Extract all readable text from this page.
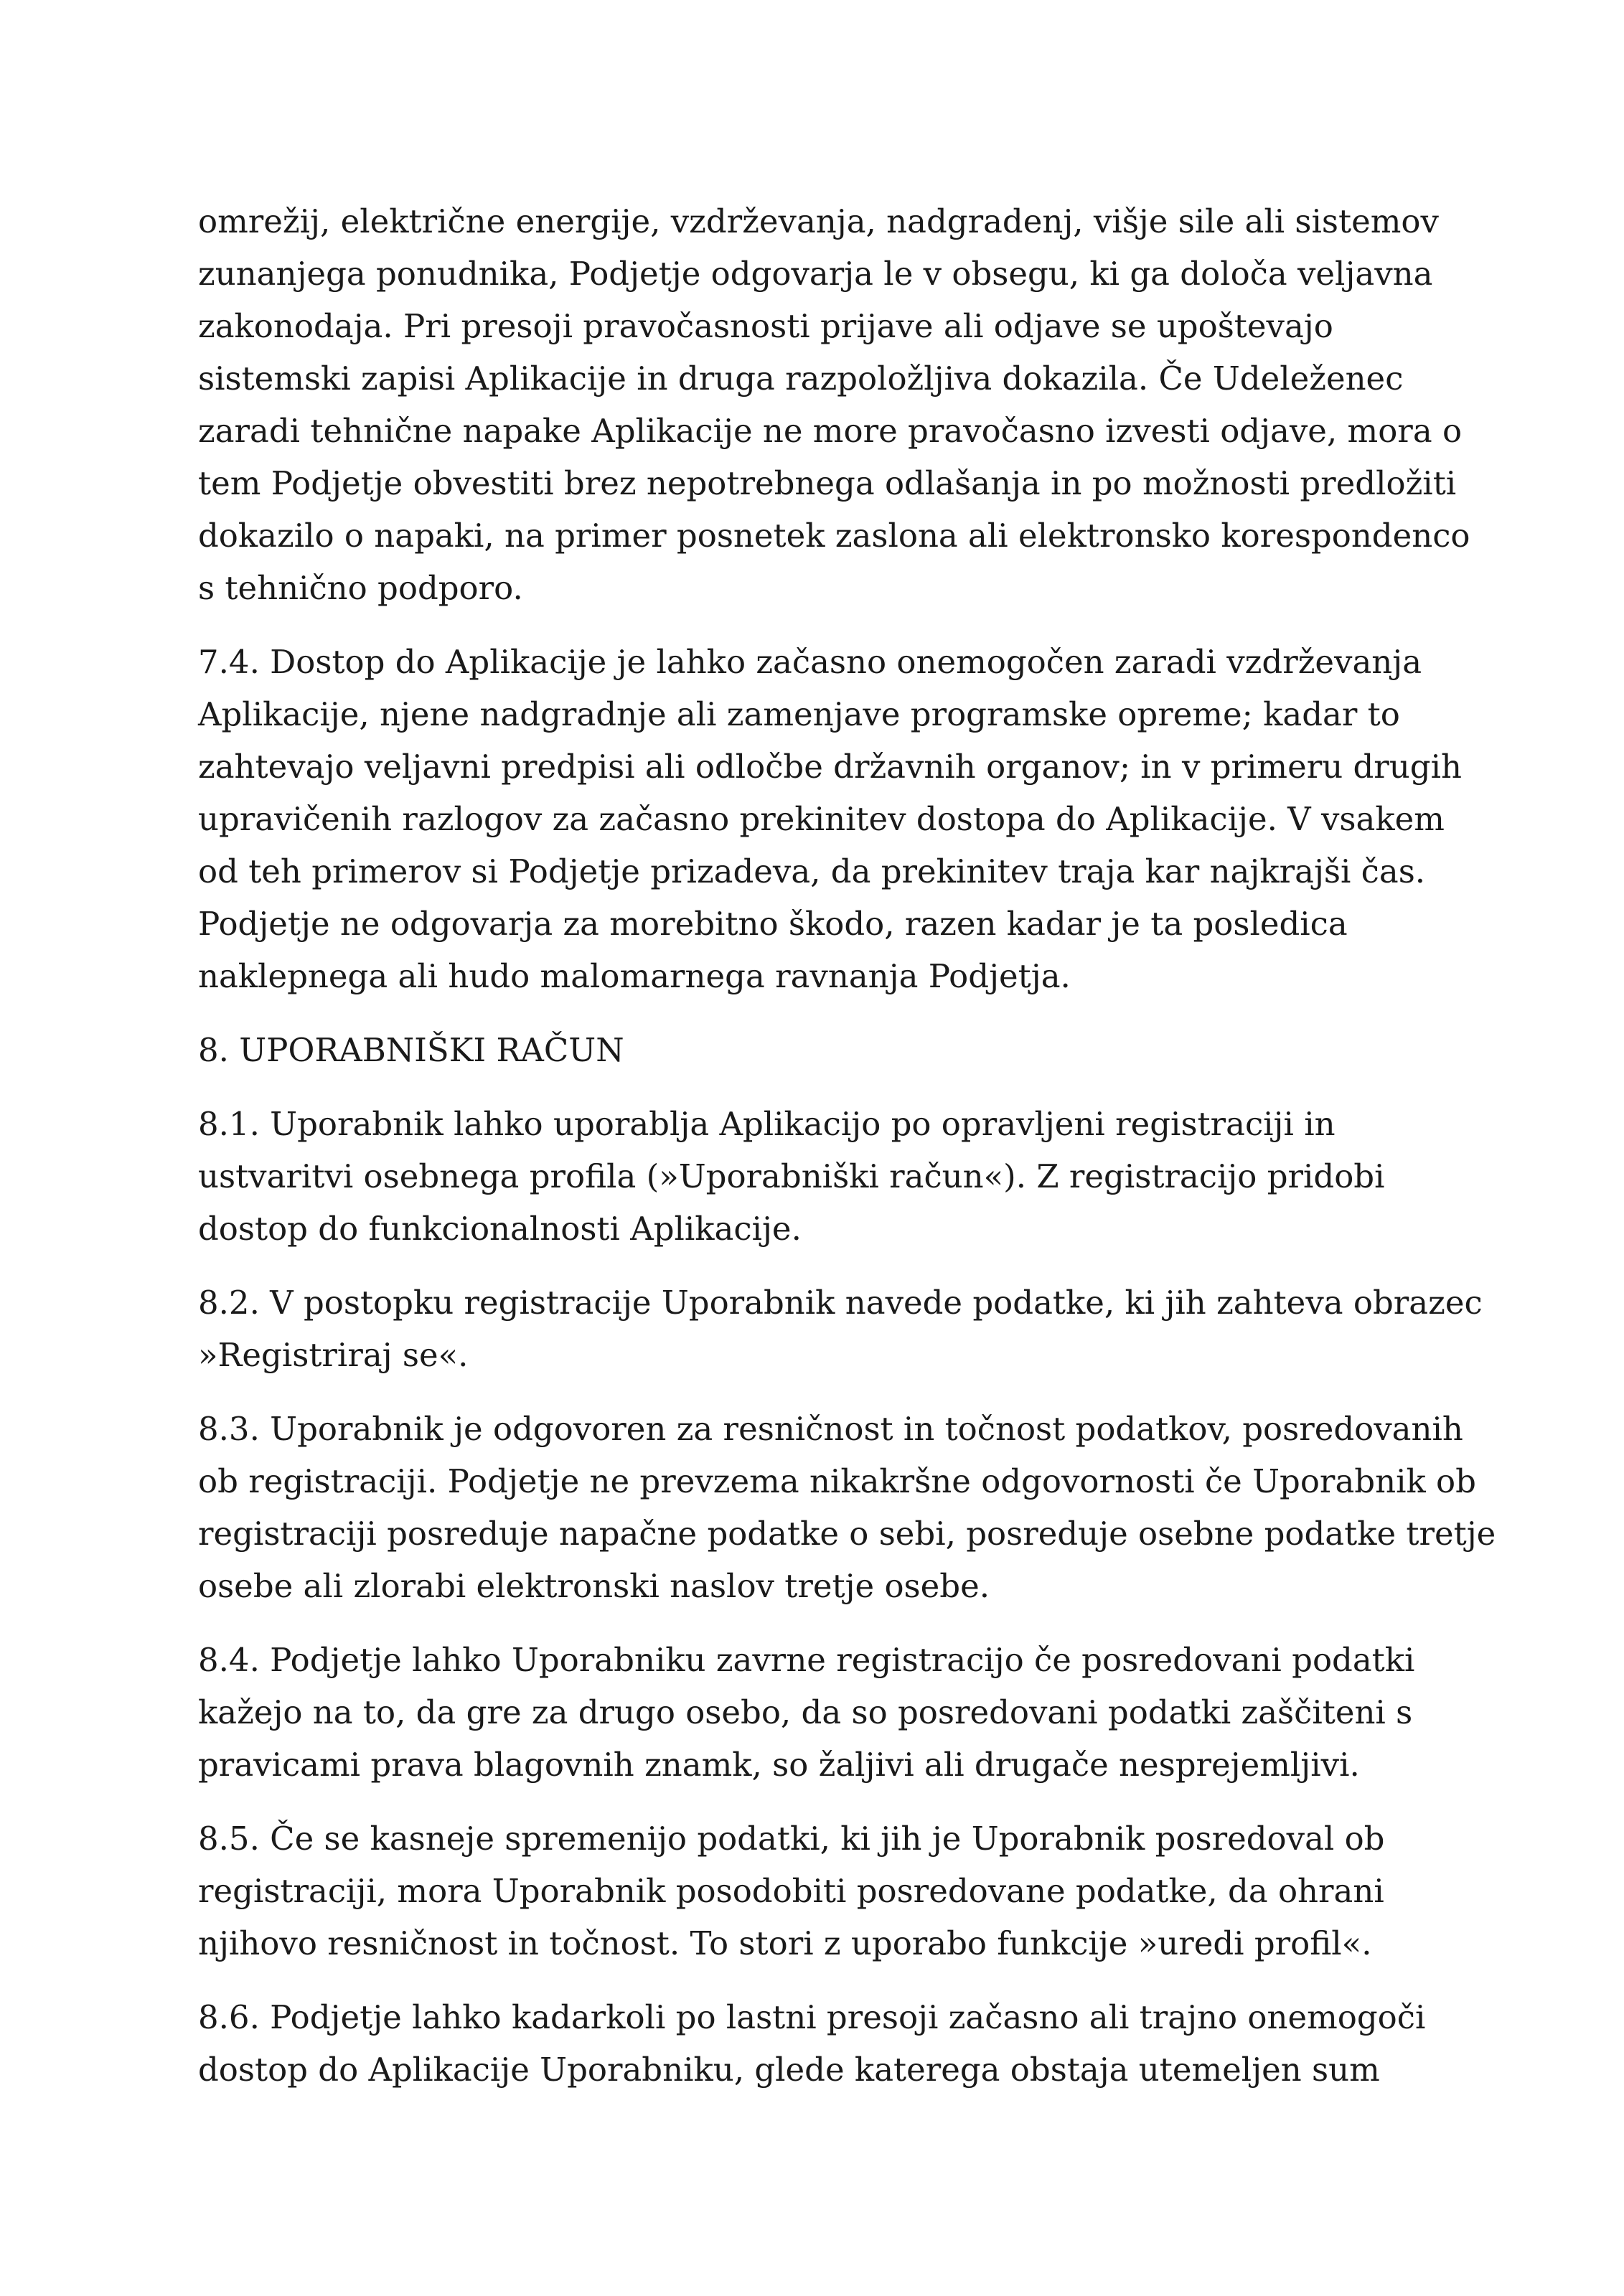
omrežij, električne energije, vzdrževanja, nadgradenj, višje sile ali sistemov
zunanjega ponudnika, Podjetje odgovarja le v obsegu, ki ga določa veljavna
zakonodaja. Pri presoji pravočasnosti prijave ali odjave se upoštevajo
sistemski zapisi Aplikacije in druga razpoložljiva dokazila. Če Udeleženec
zaradi tehnične napake Aplikacije ne more pravočasno izvesti odjave, mora o
tem Podjetje obvestiti brez nepotrebnega odlašanja in po možnosti predložiti
dokazilo o napaki, na primer posnetek zaslona ali elektronsko korespondenco
s tehnično podporo.

7.4. Dostop do Aplikacije je lahko začasno onemogočen zaradi vzdrževanja
Aplikacije, njene nadgradnje ali zamenjave programske opreme; kadar to
zahtevajo veljavni predpisi ali odločbe državnih organov; in v primeru drugih
upravičenih razlogov za začasno prekinitev dostopa do Aplikacije. V vsakem
od teh primerov si Podjetje prizadeva, da prekinitev traja kar najkrajši čas.
Podjetje ne odgovarja za morebitno škodo, razen kadar je ta posledica
naklepnega ali hudo malomarnega ravnanja Podjetja.

8. UPORABNIŠKI RAČUN

8.1. Uporabnik lahko uporablja Aplikacijo po opravljeni registraciji in
ustvaritvi osebnega profila (»Uporabniški račun«). Z registracijo pridobi
dostop do funkcionalnosti Aplikacije.

8.2. V postopku registracije Uporabnik navede podatke, ki jih zahteva obrazec
»Registriraj se«.

8.3. Uporabnik je odgovoren za resničnost in točnost podatkov, posredovanih
ob registraciji. Podjetje ne prevzema nikakršne odgovornosti če Uporabnik ob
registraciji posreduje napačne podatke o sebi, posreduje osebne podatke tretje
osebe ali zlorabi elektronski naslov tretje osebe.

8.4. Podjetje lahko Uporabniku zavrne registracijo če posredovani podatki
kažejo na to, da gre za drugo osebo, da so posredovani podatki zaščiteni s
pravicami prava blagovnih znamk, so žaljivi ali drugače nesprejemljivi.

8.5. Če se kasneje spremenijo podatki, ki jih je Uporabnik posredoval ob
registraciji, mora Uporabnik posodobiti posredovane podatke, da ohrani
njihovo resničnost in točnost. To stori z uporabo funkcije »uredi profil«.

8.6. Podjetje lahko kadarkoli po lastni presoji začasno ali trajno onemogoči
dostop do Aplikacije Uporabniku, glede katerega obstaja utemeljen sum
